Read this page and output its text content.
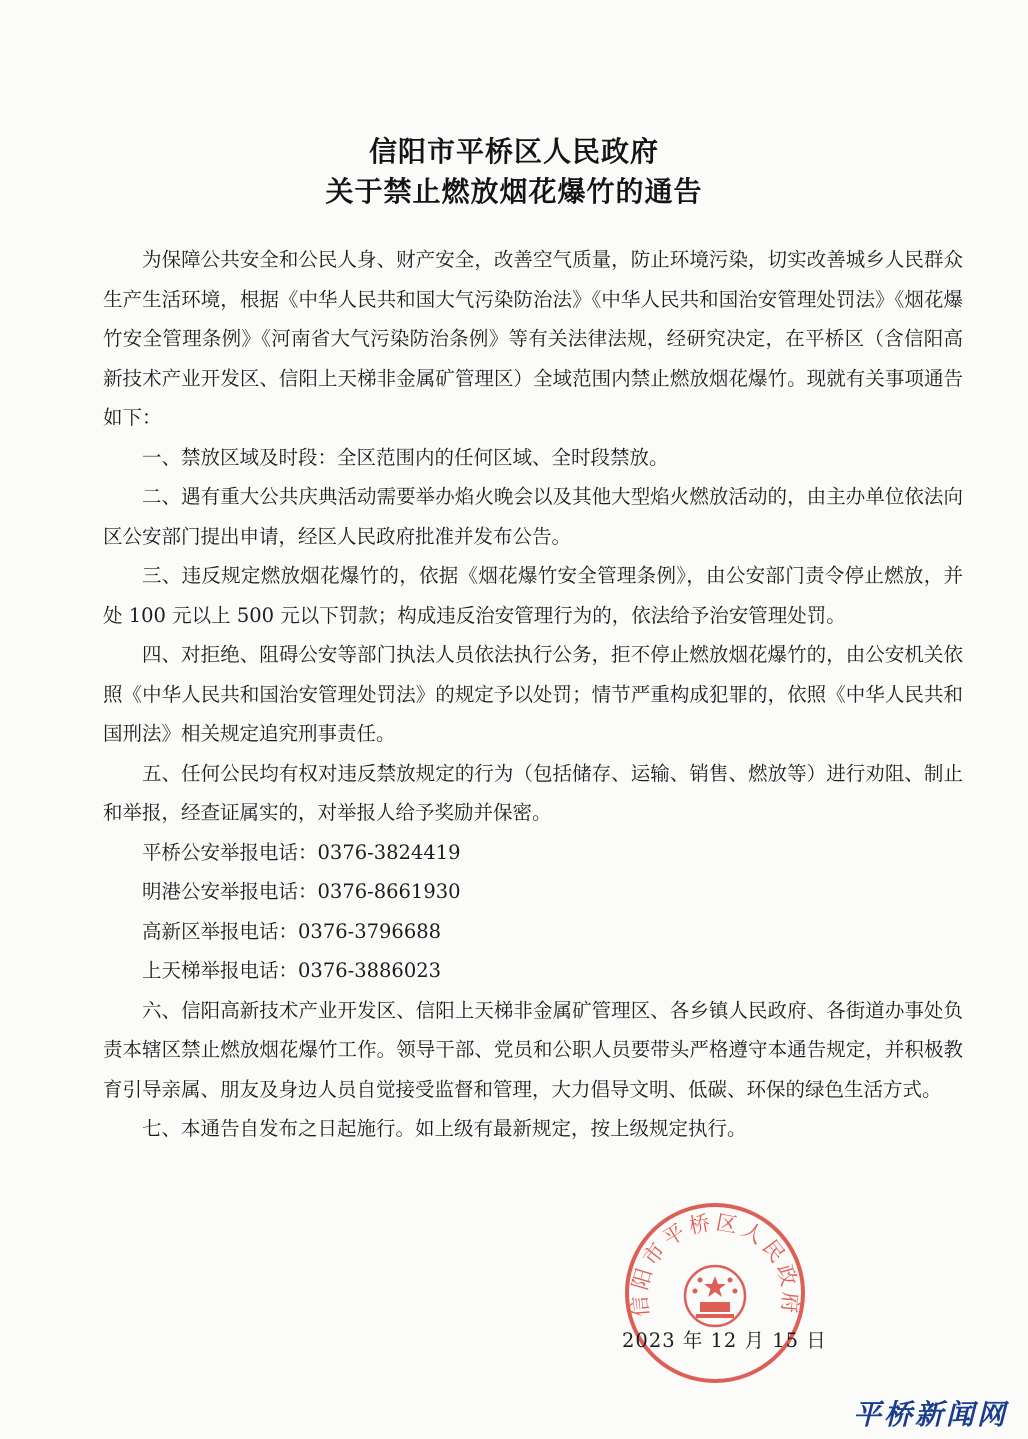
信阳市平桥区人民政府
关于禁止燃放烟花爆竹的通告

为保障公共安全和公民人身、财产安全，改善空气质量，防止环境污染，切实改善城乡人民群众生产生活环境，根据《中华人民共和国大气污染防治法》《中华人民共和国治安管理处罚法》《烟花爆竹安全管理条例》《河南省大气污染防治条例》等有关法律法规，经研究决定，在平桥区（含信阳高新技术产业开发区、信阳上天梯非金属矿管理区）全域范围内禁止燃放烟花爆竹。现就有关事项通告如下：

一、禁放区域及时段：全区范围内的任何区域、全时段禁放。

二、遇有重大公共庆典活动需要举办焰火晚会以及其他大型焰火燃放活动的，由主办单位依法向区公安部门提出申请，经区人民政府批准并发布公告。

三、违反规定燃放烟花爆竹的，依据《烟花爆竹安全管理条例》，由公安部门责令停止燃放，并处 100 元以上 500 元以下罚款；构成违反治安管理行为的，依法给予治安管理处罚。

四、对拒绝、阻碍公安等部门执法人员依法执行公务，拒不停止燃放烟花爆竹的，由公安机关依照《中华人民共和国治安管理处罚法》的规定予以处罚；情节严重构成犯罪的，依照《中华人民共和国刑法》相关规定追究刑事责任。

五、任何公民均有权对违反禁放规定的行为（包括储存、运输、销售、燃放等）进行劝阻、制止和举报，经查证属实的，对举报人给予奖励并保密。

平桥公安举报电话：0376-3824419

明港公安举报电话：0376-8661930

高新区举报电话：0376-3796688

上天梯举报电话：0376-3886023

六、信阳高新技术产业开发区、信阳上天梯非金属矿管理区、各乡镇人民政府、各街道办事处负责本辖区禁止燃放烟花爆竹工作。领导干部、党员和公职人员要带头严格遵守本通告规定，并积极教育引导亲属、朋友及身边人员自觉接受监督和管理，大力倡导文明、低碳、环保的绿色生活方式。

七、本通告自发布之日起施行。如上级有最新规定，按上级规定执行。

信阳市平桥区人民政府
2023 年 12 月 15 日
平桥新闻网
